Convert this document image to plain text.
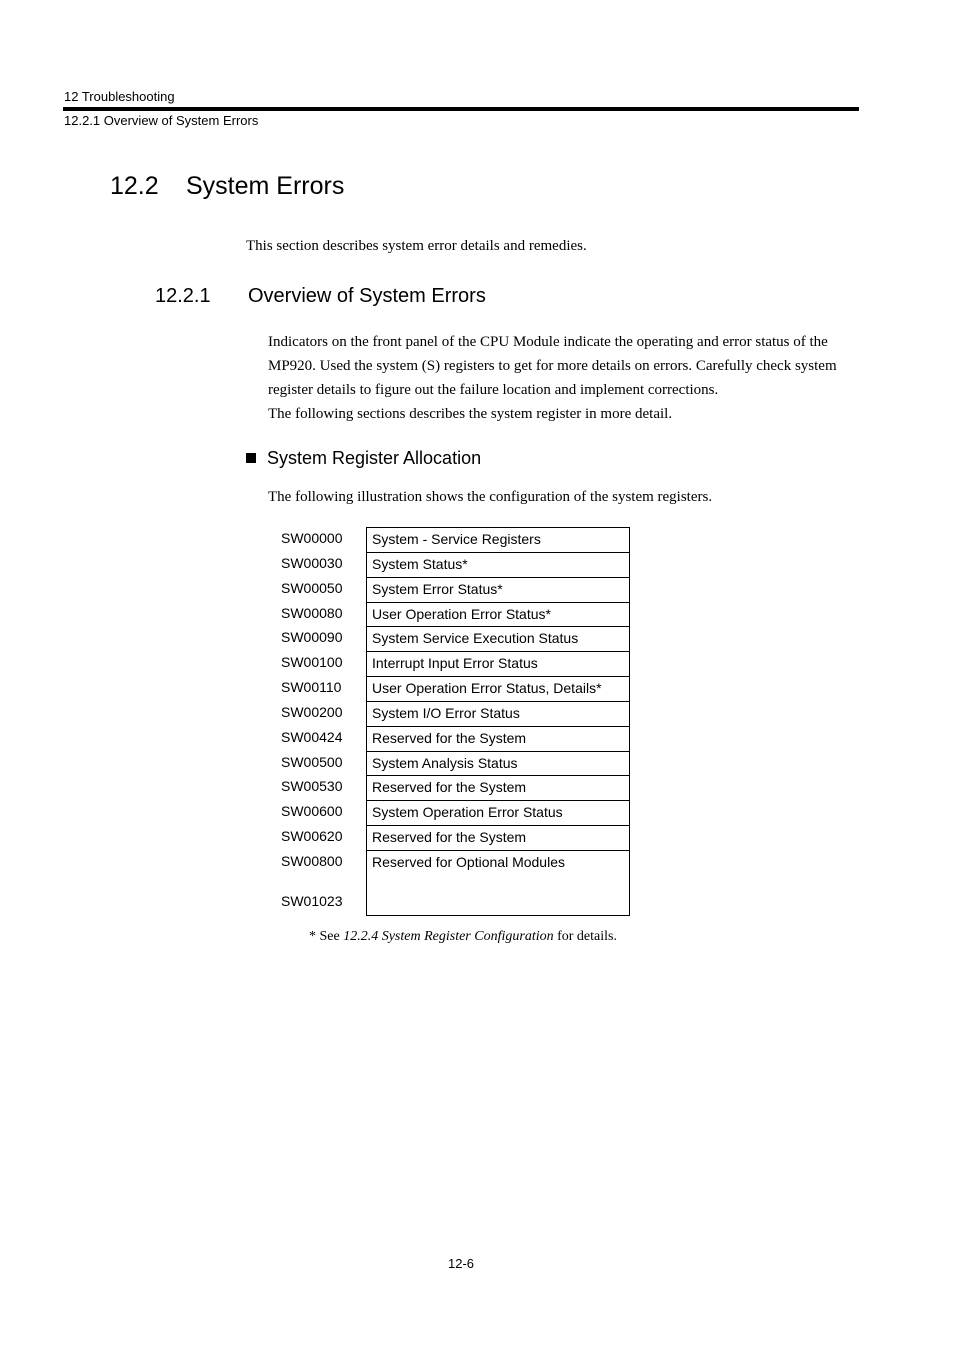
12 Troubleshooting
12.2.1 Overview of System Errors
12.2 System Errors

This section describes system error details and remedies.

12.2.1 Overview of System Errors

Indicators on the front panel of the CPU Module indicate the operating and error status of the MP920. Used the system (S) registers to get for more details on errors. Carefully check system register details to figure out the failure location and implement corrections.

The following sections describes the system register in more detail.

System Register Allocation

The following illustration shows the configuration of the system registers.

SW00000
SW00030
SW00050
SW00080
SW00090
SW00100
SW00110
SW00200
SW00424
SW00500
SW00530
SW00600
SW00620
SW00800
SW01023
System - Service Registers
System Status*
System Error Status*
User Operation Error Status*
System Service Execution Status
Interrupt Input Error Status
User Operation Error Status, Details*
System I/O Error Status
Reserved for the System
System Analysis Status
Reserved for the System
System Operation Error Status
Reserved for the System
Reserved for Optional Modules

* See 12.2.4 System Register Configuration for details.

12-6
